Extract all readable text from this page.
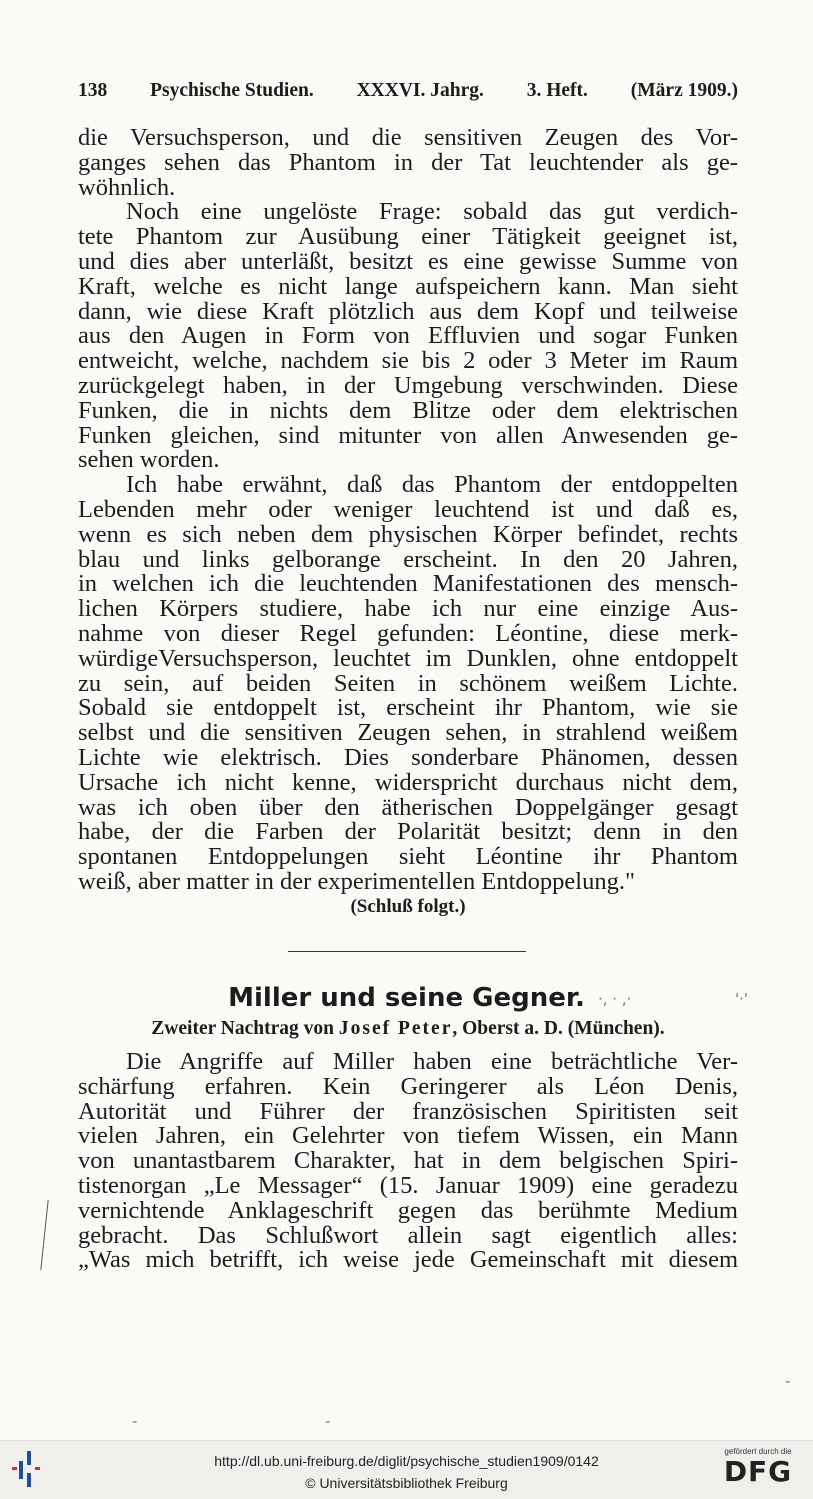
138 Psychische Studien. XXXVI. Jahrg. 3. Heft. (März 1909.)
die Versuchsperson, und die sensitiven Zeugen des Vor-
ganges sehen das Phantom in der Tat leuchtender als ge-
wöhnlich.
Noch eine ungelöste Frage: sobald das gut verdich-
tete Phantom zur Ausübung einer Tätigkeit geeignet ist,
und dies aber unterläßt, besitzt es eine gewisse Summe von
Kraft, welche es nicht lange aufspeichern kann. Man sieht
dann, wie diese Kraft plötzlich aus dem Kopf und teilweise
aus den Augen in Form von Effluvien und sogar Funken
entweicht, welche, nachdem sie bis 2 oder 3 Meter im Raum
zurückgelegt haben, in der Umgebung verschwinden. Diese
Funken, die in nichts dem Blitze oder dem elektrischen
Funken gleichen, sind mitunter von allen Anwesenden ge-
sehen worden.
Ich habe erwähnt, daß das Phantom der entdoppelten
Lebenden mehr oder weniger leuchtend ist und daß es,
wenn es sich neben dem physischen Körper befindet, rechts
blau und links gelborange erscheint. In den 20 Jahren,
in welchen ich die leuchtenden Manifestationen des mensch-
lichen Körpers studiere, habe ich nur eine einzige Aus-
nahme von dieser Regel gefunden: Léontine, diese merk-
würdigeVersuchsperson, leuchtet im Dunklen, ohne entdoppelt
zu sein, auf beiden Seiten in schönem weißem Lichte.
Sobald sie entdoppelt ist, erscheint ihr Phantom, wie sie
selbst und die sensitiven Zeugen sehen, in strahlend weißem
Lichte wie elektrisch. Dies sonderbare Phänomen, dessen
Ursache ich nicht kenne, widerspricht durchaus nicht dem,
was ich oben über den ätherischen Doppelgänger gesagt
habe, der die Farben der Polarität besitzt; denn in den
spontanen Entdoppelungen sieht Léontine ihr Phantom
weiß, aber matter in der experimentellen Entdoppelung."
(Schluß folgt.)
Miller und seine Gegner. ·, · ,·	'·'
Zweiter Nachtrag von Josef Peter, Oberst a. D. (München).
Die Angriffe auf Miller haben eine beträchtliche Ver-
schärfung erfahren. Kein Geringerer als Léon Denis,
Autorität und Führer der französischen Spiritisten seit
vielen Jahren, ein Gelehrter von tiefem Wissen, ein Mann
von unantastbarem Charakter, hat in dem belgischen Spiri-
tistenorgan „Le Messager“ (15. Januar 1909) eine geradezu
vernichtende Anklageschrift gegen das berühmte Medium
gebracht. Das Schlußwort allein sagt eigentlich alles:
„Was mich betrifft, ich weise jede Gemeinschaft mit diesem
-	-
-
http://dl.ub.uni-freiburg.de/diglit/psychische_studien1909/0142
© Universitätsbibliothek Freiburg
gefördert durch die
DFG
